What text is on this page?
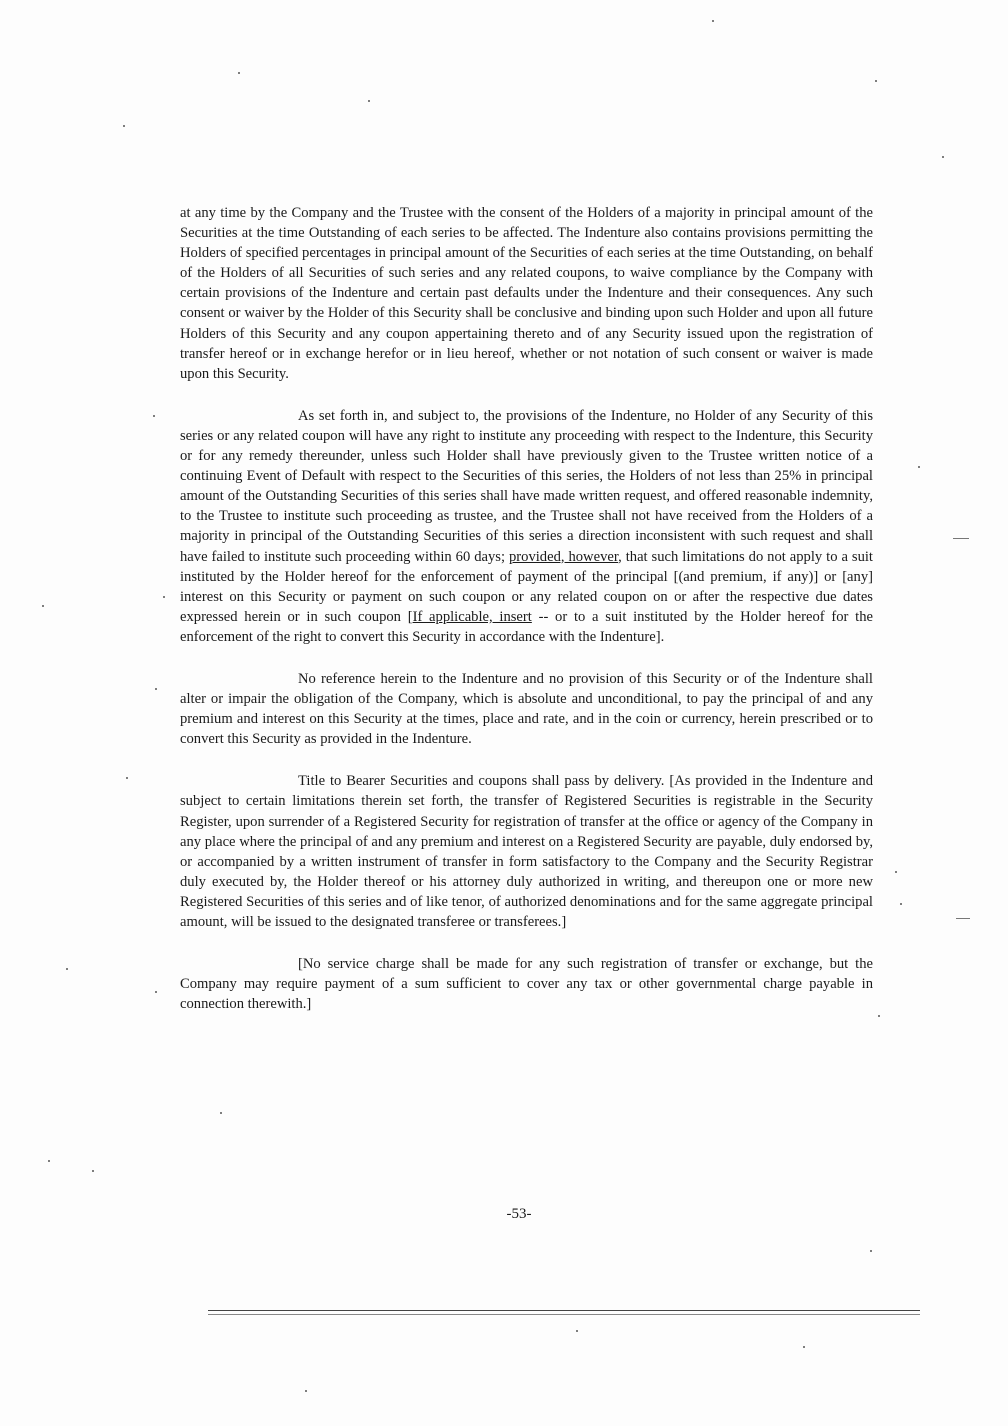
at any time by the Company and the Trustee with the consent of the Holders of a majority in principal amount of the Securities at the time Outstanding of each series to be affected. The Indenture also contains provisions permitting the Holders of specified percentages in principal amount of the Securities of each series at the time Outstanding, on behalf of the Holders of all Securities of such series and any related coupons, to waive compliance by the Company with certain provisions of the Indenture and certain past defaults under the Indenture and their consequences. Any such consent or waiver by the Holder of this Security shall be conclusive and binding upon such Holder and upon all future Holders of this Security and any coupon appertaining thereto and of any Security issued upon the registration of transfer hereof or in exchange herefor or in lieu hereof, whether or not notation of such consent or waiver is made upon this Security.

As set forth in, and subject to, the provisions of the Indenture, no Holder of any Security of this series or any related coupon will have any right to institute any proceeding with respect to the Indenture, this Security or for any remedy thereunder, unless such Holder shall have previously given to the Trustee written notice of a continuing Event of Default with respect to the Securities of this series, the Holders of not less than 25% in principal amount of the Outstanding Securities of this series shall have made written request, and offered reasonable indemnity, to the Trustee to institute such proceeding as trustee, and the Trustee shall not have received from the Holders of a majority in principal of the Outstanding Securities of this series a direction inconsistent with such request and shall have failed to institute such proceeding within 60 days; provided, however, that such limitations do not apply to a suit instituted by the Holder hereof for the enforcement of payment of the principal [(and premium, if any)] or [any] interest on this Security or payment on such coupon or any related coupon on or after the respective due dates expressed herein or in such coupon [If applicable, insert -- or to a suit instituted by the Holder hereof for the enforcement of the right to convert this Security in accordance with the Indenture].

No reference herein to the Indenture and no provision of this Security or of the Indenture shall alter or impair the obligation of the Company, which is absolute and unconditional, to pay the principal of and any premium and interest on this Security at the times, place and rate, and in the coin or currency, herein prescribed or to convert this Security as provided in the Indenture.

Title to Bearer Securities and coupons shall pass by delivery. [As provided in the Indenture and subject to certain limitations therein set forth, the transfer of Registered Securities is registrable in the Security Register, upon surrender of a Registered Security for registration of transfer at the office or agency of the Company in any place where the principal of and any premium and interest on a Registered Security are payable, duly endorsed by, or accompanied by a written instrument of transfer in form satisfactory to the Company and the Security Registrar duly executed by, the Holder thereof or his attorney duly authorized in writing, and thereupon one or more new Registered Securities of this series and of like tenor, of authorized denominations and for the same aggregate principal amount, will be issued to the designated transferee or transferees.]

[No service charge shall be made for any such registration of transfer or exchange, but the Company may require payment of a sum sufficient to cover any tax or other governmental charge payable in connection therewith.]

-53-
